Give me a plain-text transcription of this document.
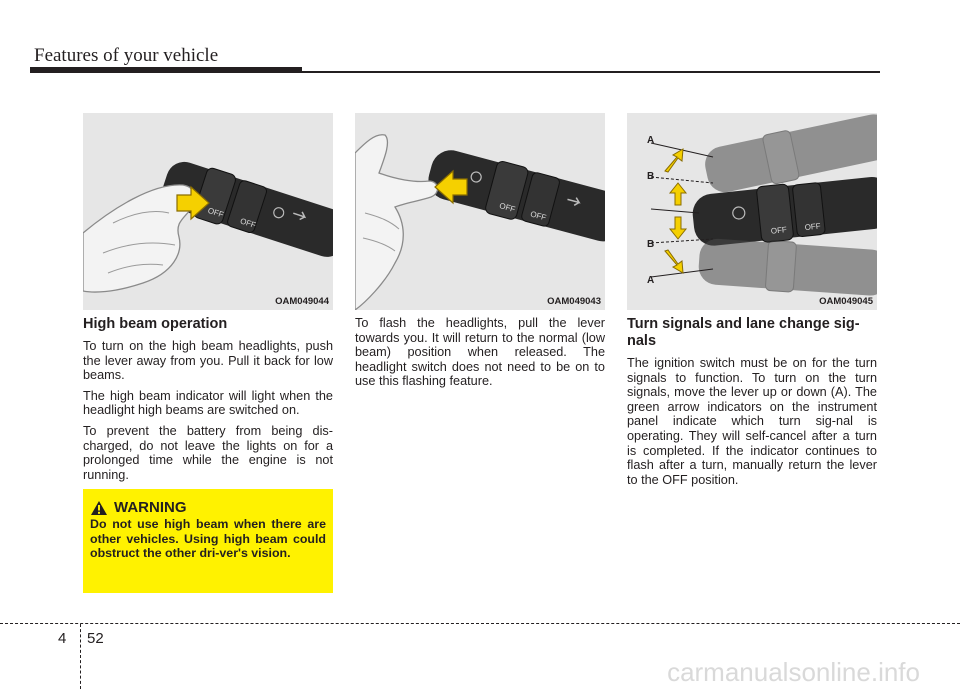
Features of your vehicle
OFF
OFF
OAM049044
OFF
OFF
OAM049043
OFF OFF
A
B
B
A
OAM049045
High beam operation

To turn on the high beam headlights, push the lever away from you. Pull it back for low beams.

The high beam indicator will light when the headlight high beams are switched on.

To prevent the battery from being dis-charged, do not leave the lights on for a prolonged time while the engine is not running.

WARNING

Do not use high beam when there are other vehicles. Using high beam could obstruct the other dri-ver's vision.

To flash the headlights, pull the lever towards you. It will return to the normal (low beam) position when released. The headlight switch does not need to be on to use this flashing feature.

Turn signals and lane change sig-nals

The ignition switch must be on for the turn signals to function. To turn on the turn signals, move the lever up or down (A). The green arrow indicators on the instrument panel indicate which turn sig-nal is operating. They will self-cancel after a turn is completed. If the indicator continues to flash after a turn, manually return the lever to the OFF position.

4 52
carmanualsonline.info
